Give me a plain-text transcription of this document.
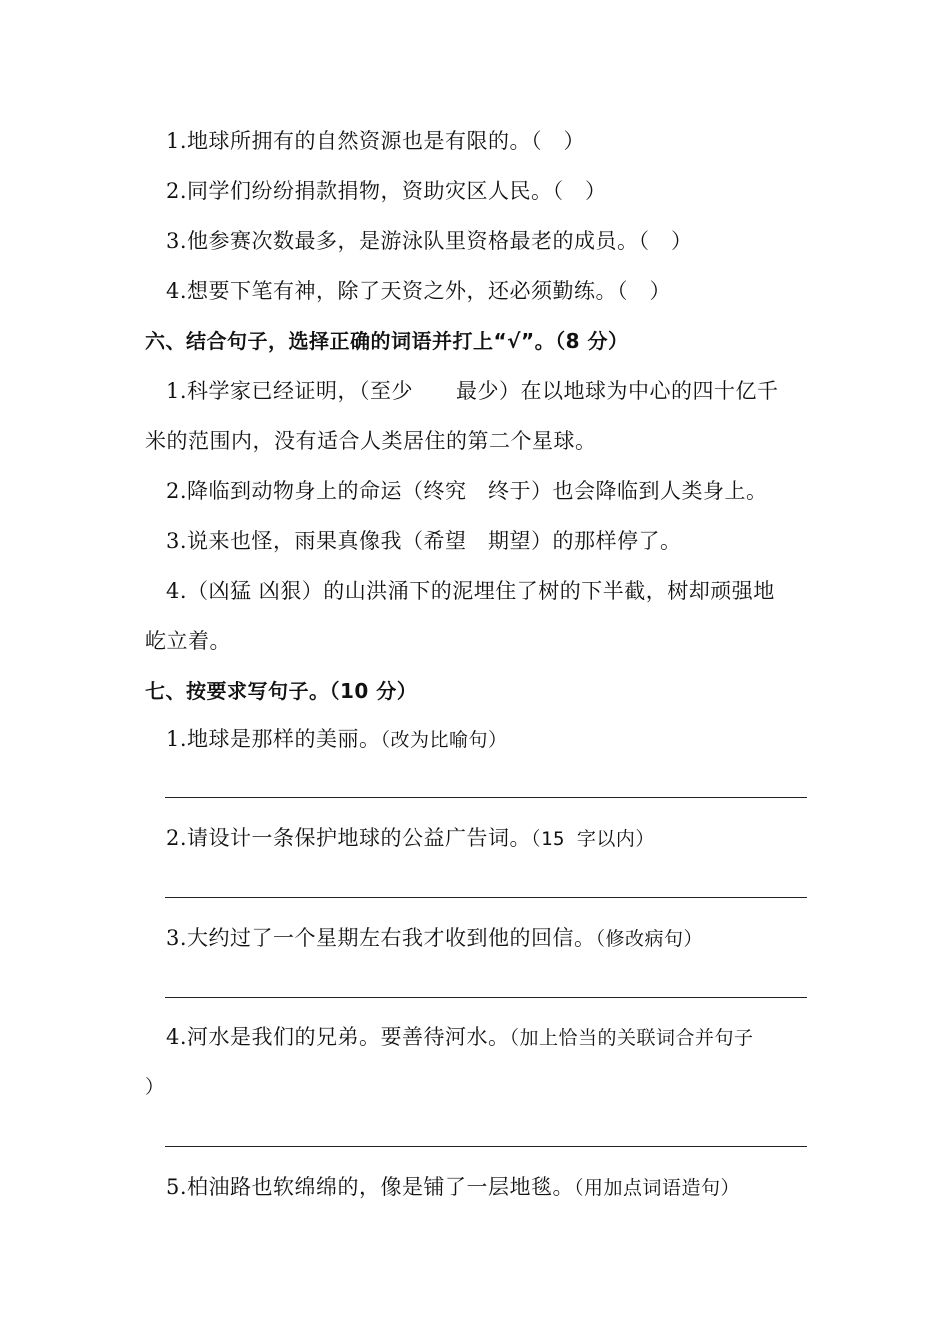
1.地球所拥有的自然资源也是有限的。（　）
2.同学们纷纷捐款捐物，资助灾区人民。（　）
3.他参赛次数最多，是游泳队里资格最老的成员。（　）
4.想要下笔有神，除了天资之外，还必须勤练。（　）
六、结合句子，选择正确的词语并打上“√”。（8 分）
1.科学家已经证明，（至少　　最少）在以地球为中心的四十亿千
米的范围内，没有适合人类居住的第二个星球。
2.降临到动物身上的命运（终究　终于）也会降临到人类身上。
3.说来也怪，雨果真像我（希望　期望）的那样停了。
4.（凶猛 凶狠）的山洪涌下的泥埋住了树的下半截，树却顽强地
屹立着。
七、按要求写句子。（10 分）
1.地球是那样的美丽。（改为比喻句）
2.请设计一条保护地球的公益广告词。（15 字以内）
3.大约过了一个星期左右我才收到他的回信。（修改病句）
4.河水是我们的兄弟。要善待河水。（加上恰当的关联词合并句子
）
5.柏油路也软绵绵的，像是铺了一层地毯。（用加点词语造句）
